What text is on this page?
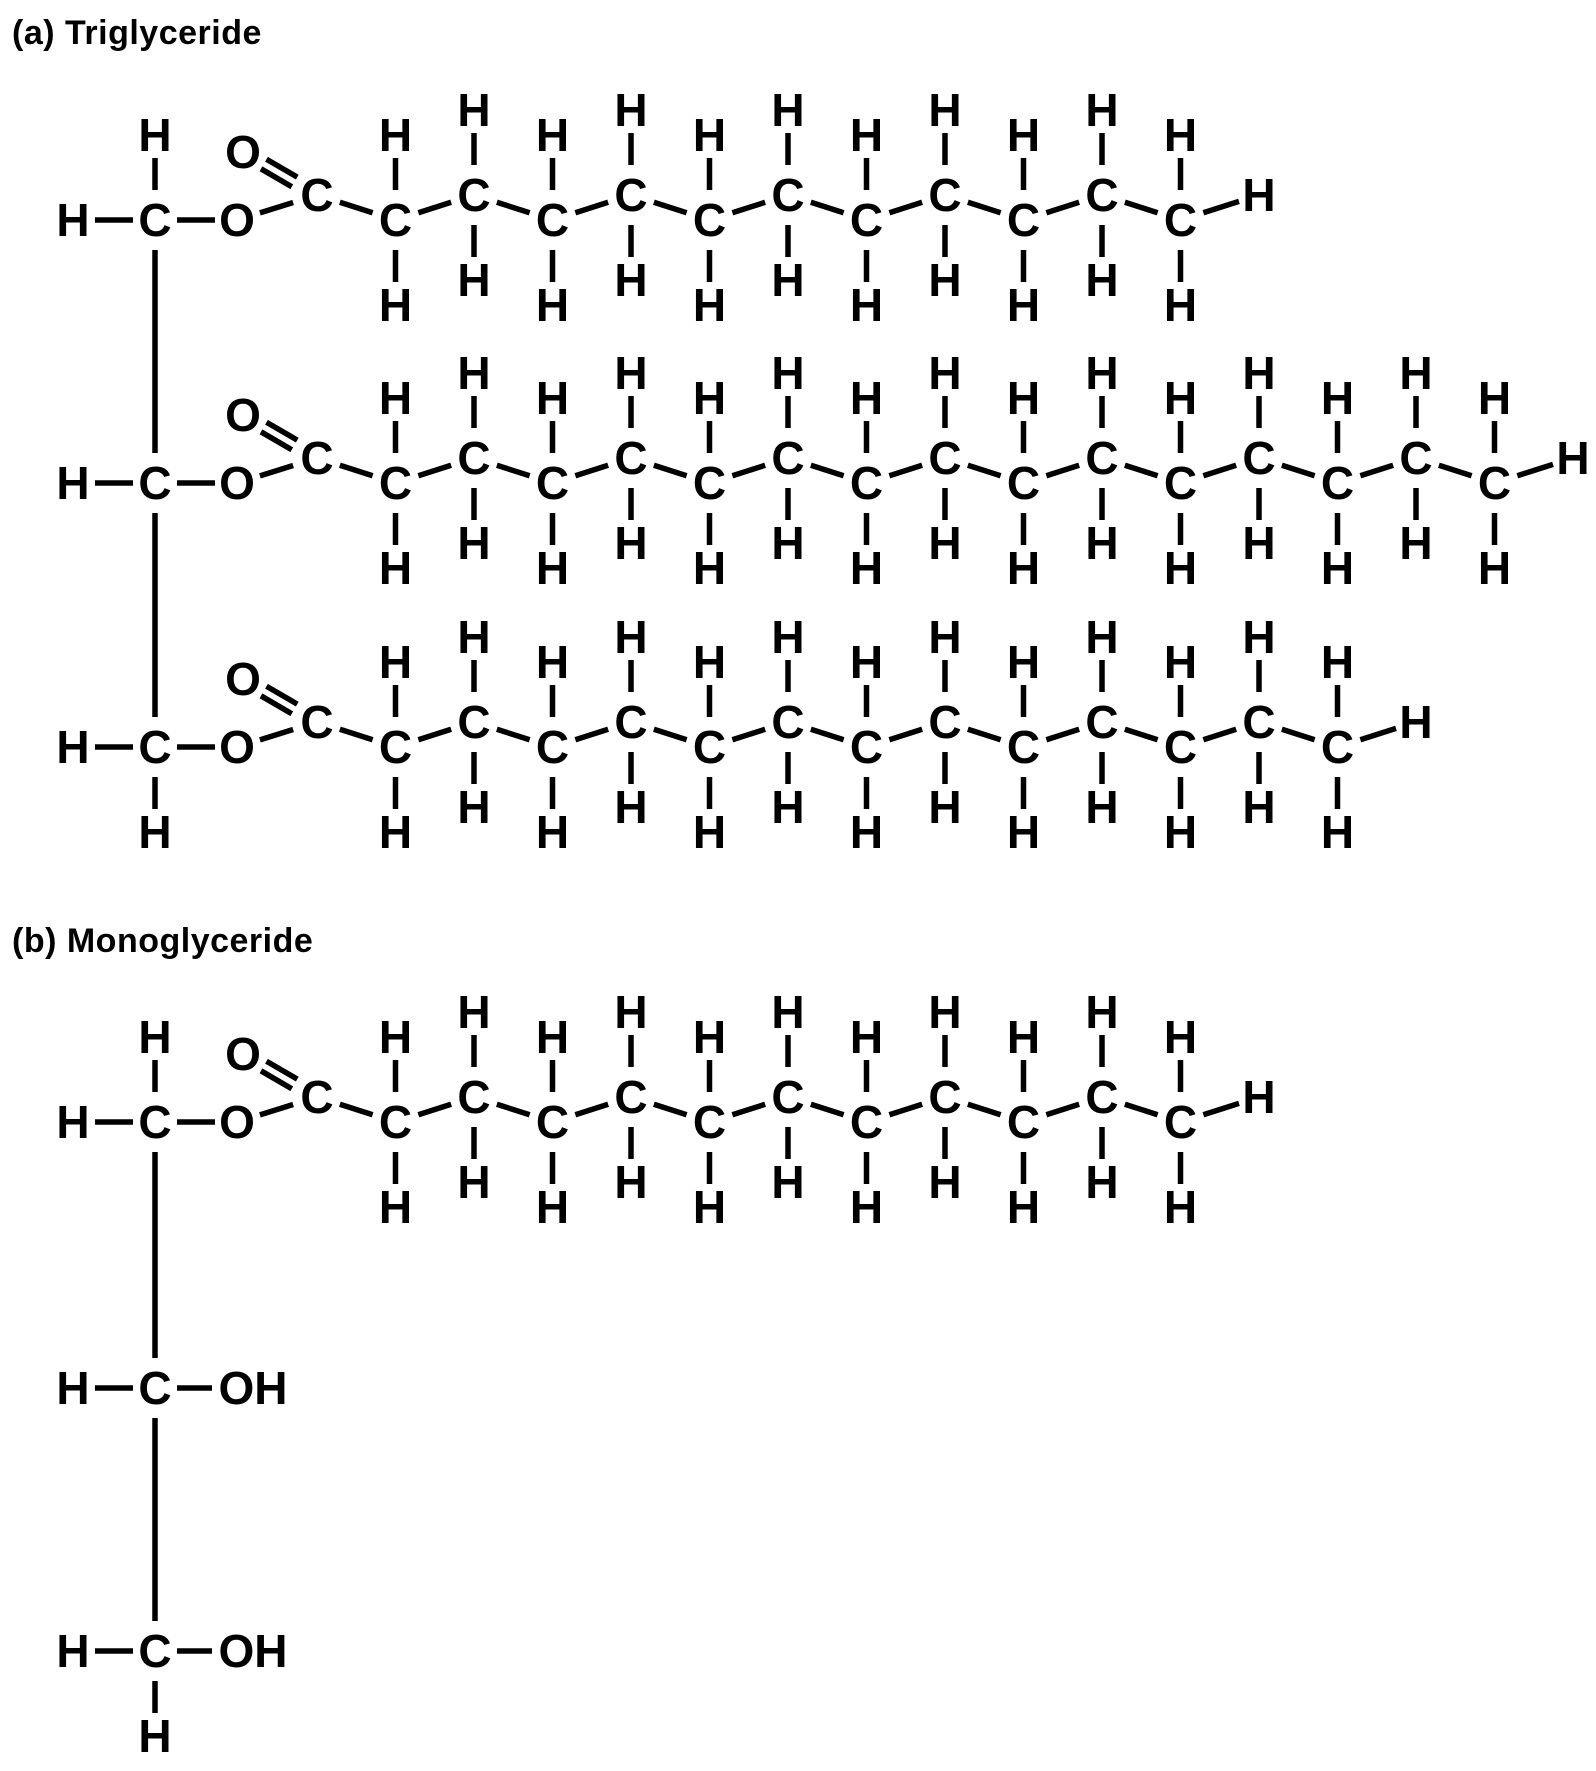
(a) Triglyceride
(b) Monoglyceride
H C
H
O C
O
C
H
H
C
H
H
C
H
H
C
H
H
C
H
H
C
H
H
C
H
H
C
H
H
C
H
H
C
H
H
C
H
H
H
H C O C
O
C
H
H
C
H
H
C
H
H
C
H
H
C
H
H
C
H
H
C
H
H
C
H
H
C
H
H
C
H
H
C
H
H
C
H
H
C
H
H
C
H
H
C
H
H
H
H C
H
O C
O
C
H
H
C
H
H
C
H
H
C
H
H
C
H
H
C
H
H
C
H
H
C
H
H
C
H
H
C
H
H
C
H
H
C
H
H
C
H
H
H
H C
H
O C
O
C
H
H
C
H
H
C
H
H
C
H
H
C
H
H
C
H
H
C
H
H
C
H
H
C
H
H
C
H
H
C
H
H
H
H C OH
H C
H
OH
